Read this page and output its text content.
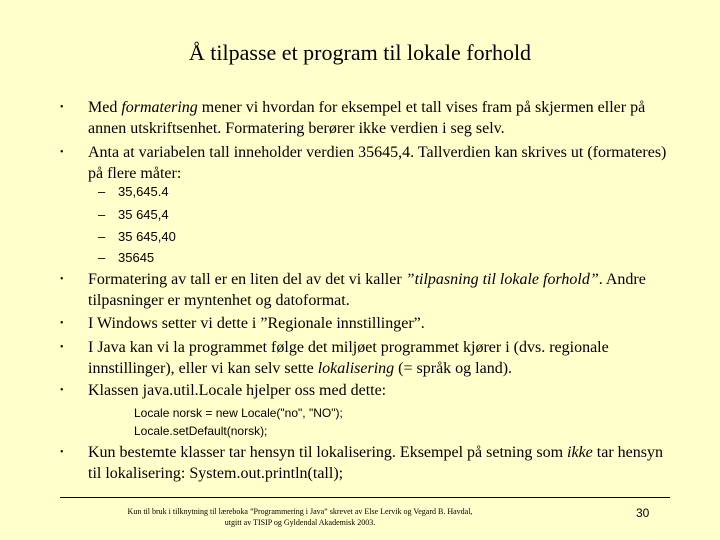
Å tilpasse et program til lokale forhold
• Med formatering mener vi hvordan for eksempel et tall vises fram på skjermen eller på annen utskriftsenhet. Formatering berører ikke verdien i seg selv.
• Anta at variabelen tall inneholder verdien 35645,4. Tallverdien kan skrives ut (formateres) på flere måter:
– 35,645.4
– 35 645,4
– 35 645,40
– 35645
• Formatering av tall er en liten del av det vi kaller ”tilpasning til lokale forhold”. Andre tilpasninger er myntenhet og datoformat.
• I Windows setter vi dette i ”Regionale innstillinger”.
• I Java kan vi la programmet følge det miljøet programmet kjører i (dvs. regionale innstillinger), eller vi kan selv sette lokalisering (= språk og land).
• Klassen java.util.Locale hjelper oss med dette:
Locale norsk = new Locale("no", "NO");
Locale.setDefault(norsk);
• Kun bestemte klasser tar hensyn til lokalisering. Eksempel på setning som ikke tar hensyn til lokalisering: System.out.println(tall);
Kun til bruk i tilknytning til læreboka ”Programmering i Java” skrevet av Else Lervik og Vegard B. Havdal,
utgitt av TISIP og Gyldendal Akademisk 2003.
30
